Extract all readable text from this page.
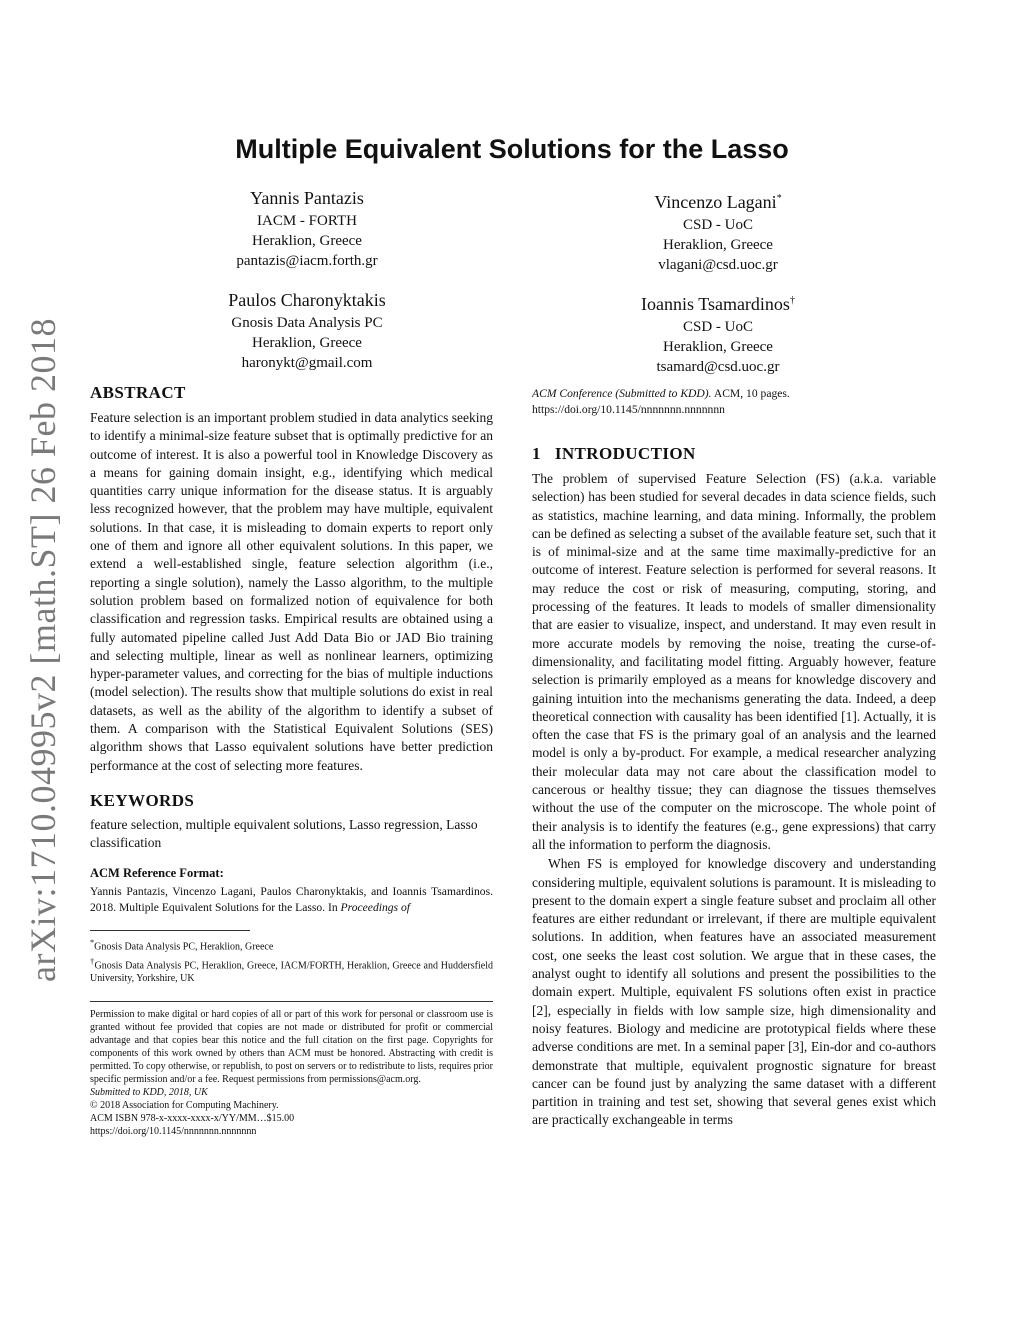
arXiv:1710.04995v2 [math.ST] 26 Feb 2018
Multiple Equivalent Solutions for the Lasso
Yannis Pantazis
IACM - FORTH
Heraklion, Greece
pantazis@iacm.forth.gr
Vincenzo Lagani*
CSD - UoC
Heraklion, Greece
vlagani@csd.uoc.gr
Paulos Charonyktakis
Gnosis Data Analysis PC
Heraklion, Greece
haronykt@gmail.com
Ioannis Tsamardinos†
CSD - UoC
Heraklion, Greece
tsamard@csd.uoc.gr
ABSTRACT

Feature selection is an important problem studied in data analytics seeking to identify a minimal-size feature subset that is optimally predictive for an outcome of interest. It is also a powerful tool in Knowledge Discovery as a means for gaining domain insight, e.g., identifying which medical quantities carry unique information for the disease status. It is arguably less recognized however, that the problem may have multiple, equivalent solutions. In that case, it is misleading to domain experts to report only one of them and ignore all other equivalent solutions. In this paper, we extend a well-established single, feature selection algorithm (i.e., reporting a single solution), namely the Lasso algorithm, to the multiple solution problem based on formalized notion of equivalence for both classification and regression tasks. Empirical results are obtained using a fully automated pipeline called Just Add Data Bio or JAD Bio training and selecting multiple, linear as well as nonlinear learners, optimizing hyper-parameter values, and correcting for the bias of multiple inductions (model selection). The results show that multiple solutions do exist in real datasets, as well as the ability of the algorithm to identify a subset of them. A comparison with the Statistical Equivalent Solutions (SES) algorithm shows that Lasso equivalent solutions have better prediction performance at the cost of selecting more features.

KEYWORDS

feature selection, multiple equivalent solutions, Lasso regression, Lasso classification

ACM Reference Format:

Yannis Pantazis, Vincenzo Lagani, Paulos Charonyktakis, and Ioannis Tsamardinos. 2018. Multiple Equivalent Solutions for the Lasso. In Proceedings of

*Gnosis Data Analysis PC, Heraklion, Greece

†Gnosis Data Analysis PC, Heraklion, Greece, IACM/FORTH, Heraklion, Greece and Huddersfield University, Yorkshire, UK

Permission to make digital or hard copies of all or part of this work for personal or classroom use is granted without fee provided that copies are not made or distributed for profit or commercial advantage and that copies bear this notice and the full citation on the first page. Copyrights for components of this work owned by others than ACM must be honored. Abstracting with credit is permitted. To copy otherwise, or republish, to post on servers or to redistribute to lists, requires prior specific permission and/or a fee. Request permissions from permissions@acm.org.

Submitted to KDD, 2018, UK

© 2018 Association for Computing Machinery.

ACM ISBN 978-x-xxxx-xxxx-x/YY/MM…$15.00

https://doi.org/10.1145/nnnnnnn.nnnnnnn

ACM Conference (Submitted to KDD). ACM, 10 pages. https://doi.org/10.1145/nnnnnnn.nnnnnnn

1   INTRODUCTION

The problem of supervised Feature Selection (FS) (a.k.a. variable selection) has been studied for several decades in data science fields, such as statistics, machine learning, and data mining. Informally, the problem can be defined as selecting a subset of the available feature set, such that it is of minimal-size and at the same time maximally-predictive for an outcome of interest. Feature selection is performed for several reasons. It may reduce the cost or risk of measuring, computing, storing, and processing of the features. It leads to models of smaller dimensionality that are easier to visualize, inspect, and understand. It may even result in more accurate models by removing the noise, treating the curse-of-dimensionality, and facilitating model fitting. Arguably however, feature selection is primarily employed as a means for knowledge discovery and gaining intuition into the mechanisms generating the data. Indeed, a deep theoretical connection with causality has been identified [1]. Actually, it is often the case that FS is the primary goal of an analysis and the learned model is only a by-product. For example, a medical researcher analyzing their molecular data may not care about the classification model to cancerous or healthy tissue; they can diagnose the tissues themselves without the use of the computer on the microscope. The whole point of their analysis is to identify the features (e.g., gene expressions) that carry all the information to perform the diagnosis.

When FS is employed for knowledge discovery and understanding considering multiple, equivalent solutions is paramount. It is misleading to present to the domain expert a single feature subset and proclaim all other features are either redundant or irrelevant, if there are multiple equivalent solutions. In addition, when features have an associated measurement cost, one seeks the least cost solution. We argue that in these cases, the analyst ought to identify all solutions and present the possibilities to the domain expert. Multiple, equivalent FS solutions often exist in practice [2], especially in fields with low sample size, high dimensionality and noisy features. Biology and medicine are prototypical fields where these adverse conditions are met. In a seminal paper [3], Ein-dor and co-authors demonstrate that multiple, equivalent prognostic signature for breast cancer can be found just by analyzing the same dataset with a different partition in training and test set, showing that several genes exist which are practically exchangeable in terms
